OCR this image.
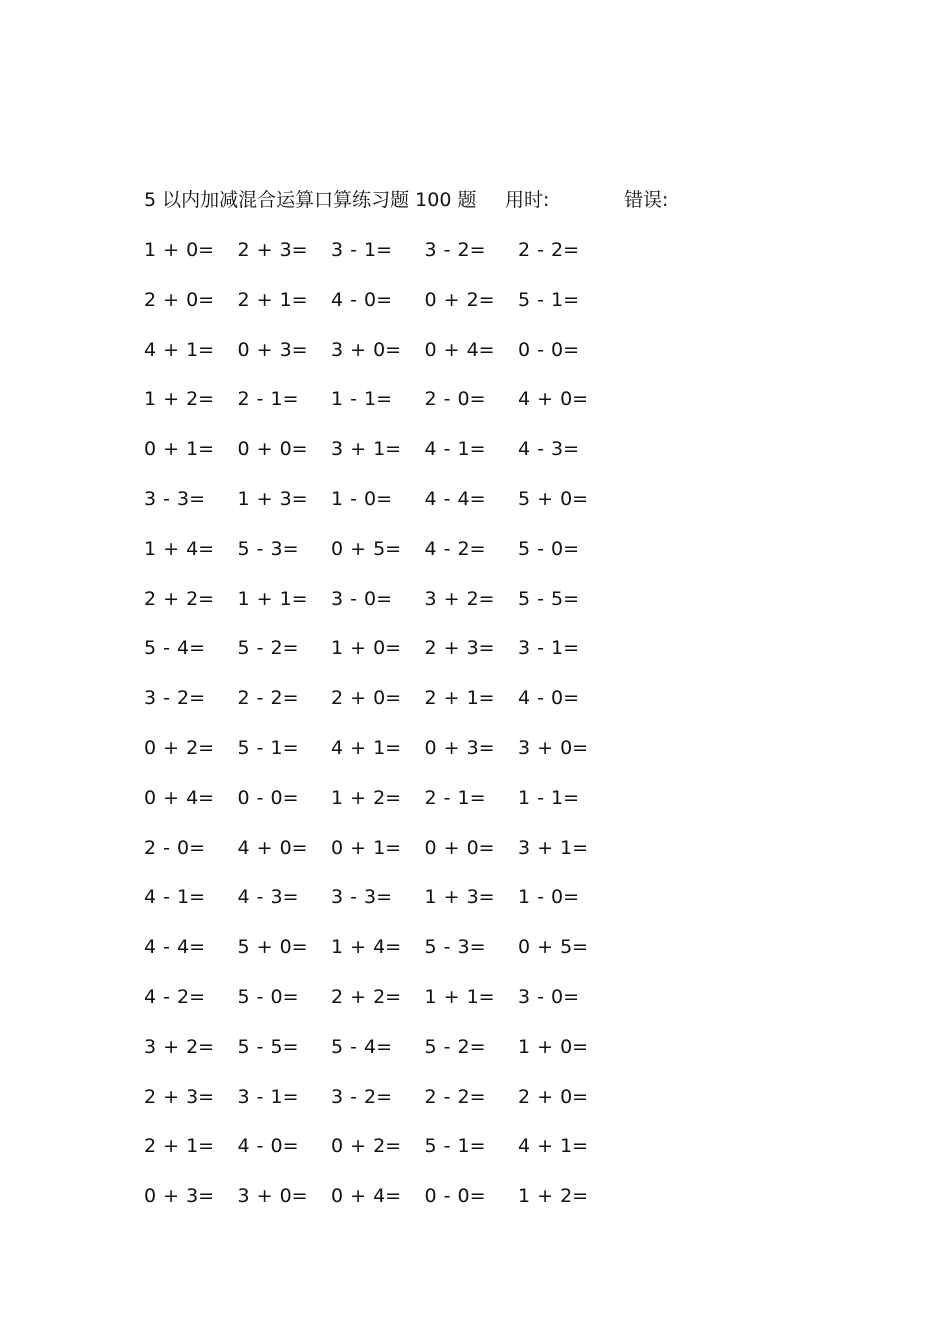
5 以内加减混合运算口算练习题 100 题 用时:	错误:
1 + 0= 2 + 3= 3 - 1= 3 - 2= 2 - 2=
2 + 0= 2 + 1= 4 - 0= 0 + 2= 5 - 1=
4 + 1= 0 + 3= 3 + 0= 0 + 4= 0 - 0=
1 + 2= 2 - 1= 1 - 1= 2 - 0= 4 + 0=
0 + 1= 0 + 0= 3 + 1= 4 - 1= 4 - 3=
3 - 3= 1 + 3= 1 - 0= 4 - 4= 5 + 0=
1 + 4= 5 - 3= 0 + 5= 4 - 2= 5 - 0=
2 + 2= 1 + 1= 3 - 0= 3 + 2= 5 - 5=
5 - 4= 5 - 2= 1 + 0= 2 + 3= 3 - 1=
3 - 2= 2 - 2= 2 + 0= 2 + 1= 4 - 0=
0 + 2= 5 - 1= 4 + 1= 0 + 3= 3 + 0=
0 + 4= 0 - 0= 1 + 2= 2 - 1= 1 - 1=
2 - 0= 4 + 0= 0 + 1= 0 + 0= 3 + 1=
4 - 1= 4 - 3= 3 - 3= 1 + 3= 1 - 0=
4 - 4= 5 + 0= 1 + 4= 5 - 3= 0 + 5=
4 - 2= 5 - 0= 2 + 2= 1 + 1= 3 - 0=
3 + 2= 5 - 5= 5 - 4= 5 - 2= 1 + 0=
2 + 3= 3 - 1= 3 - 2= 2 - 2= 2 + 0=
2 + 1= 4 - 0= 0 + 2= 5 - 1= 4 + 1=
0 + 3= 3 + 0= 0 + 4= 0 - 0= 1 + 2=
